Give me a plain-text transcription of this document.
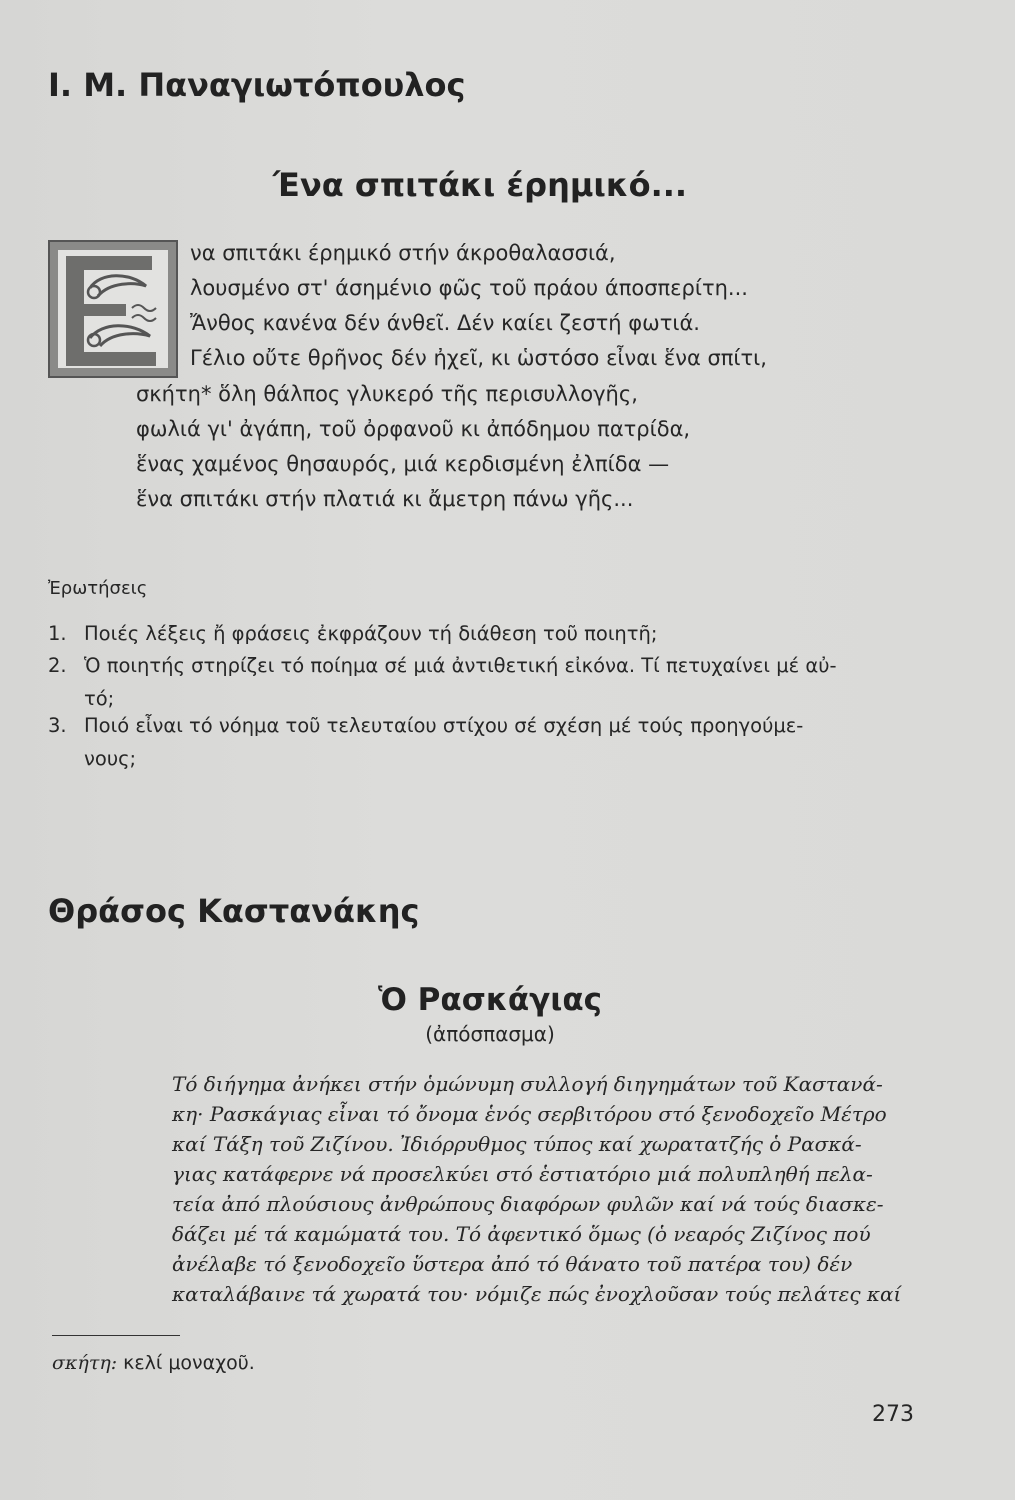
Ι. Μ. Παναγιωτόπουλος
Ένα σπιτάκι έρημικό...
να σπιτάκι έρημικό στήν άκροθαλασσιά,
λουσμένο στ' άσημένιο φῶς τοῦ πράου άποσπερίτη...
Ἄνθος κανένα δέν άνθεῖ. Δέν καίει ζεστή φωτιά.
Γέλιο οὔτε θρῆνος δέν ἠχεῖ, κι ὡστόσο εἶναι ἕνα σπίτι,
σκήτη* ὅλη θάλπος γλυκερό τῆς περισυλλογῆς,
φωλιά γι' ἀγάπη, τοῦ ὀρφανοῦ κι ἀπόδημου πατρίδα,
ἕνας χαμένος θησαυρός, μιά κερδισμένη ἐλπίδα —
ἕνα σπιτάκι στήν πλατιά κι ἄμετρη πάνω γῆς...
Ἐρωτήσεις
1. Ποιές λέξεις ἤ φράσεις ἐκφράζουν τή διάθεση τοῦ ποιητῆ;
2. Ὁ ποιητής στηρίζει τό ποίημα σέ μιά ἀντιθετική εἰκόνα. Τί πετυχαίνει μέ αὐ-
τό;
3. Ποιό εἶναι τό νόημα τοῦ τελευταίου στίχου σέ σχέση μέ τούς προηγούμε-
νους;
Θράσος Καστανάκης
Ὁ Ρασκάγιας
(ἀπόσπασμα)
Τό διήγημα ἀνήκει στήν ὁμώνυμη συλλογή διηγημάτων τοῦ Καστανά-
κη· Ρασκάγιας εἶναι τό ὄνομα ἑνός σερβιτόρου στό ξενοδοχεῖο Μέτρο
καί Τάξη τοῦ Ζιζίνου. Ἰδιόρρυθμος τύπος καί χωρατατζής ὁ Ρασκά-
γιας κατάφερνε νά προσελκύει στό ἑστιατόριο μιά πολυπληθή πελα-
τεία ἀπό πλούσιους ἀνθρώπους διαφόρων φυλῶν καί νά τούς διασκε-
δάζει μέ τά καμώματά του. Τό ἀφεντικό ὅμως (ὁ νεαρός Ζιζίνος πού
ἀνέλαβε τό ξενοδοχεῖο ὕστερα ἀπό τό θάνατο τοῦ πατέρα του) δέν
καταλάβαινε τά χωρατά του· νόμιζε πώς ἐνοχλοῦσαν τούς πελάτες καί
σκήτη: κελί μοναχοῦ.
273
